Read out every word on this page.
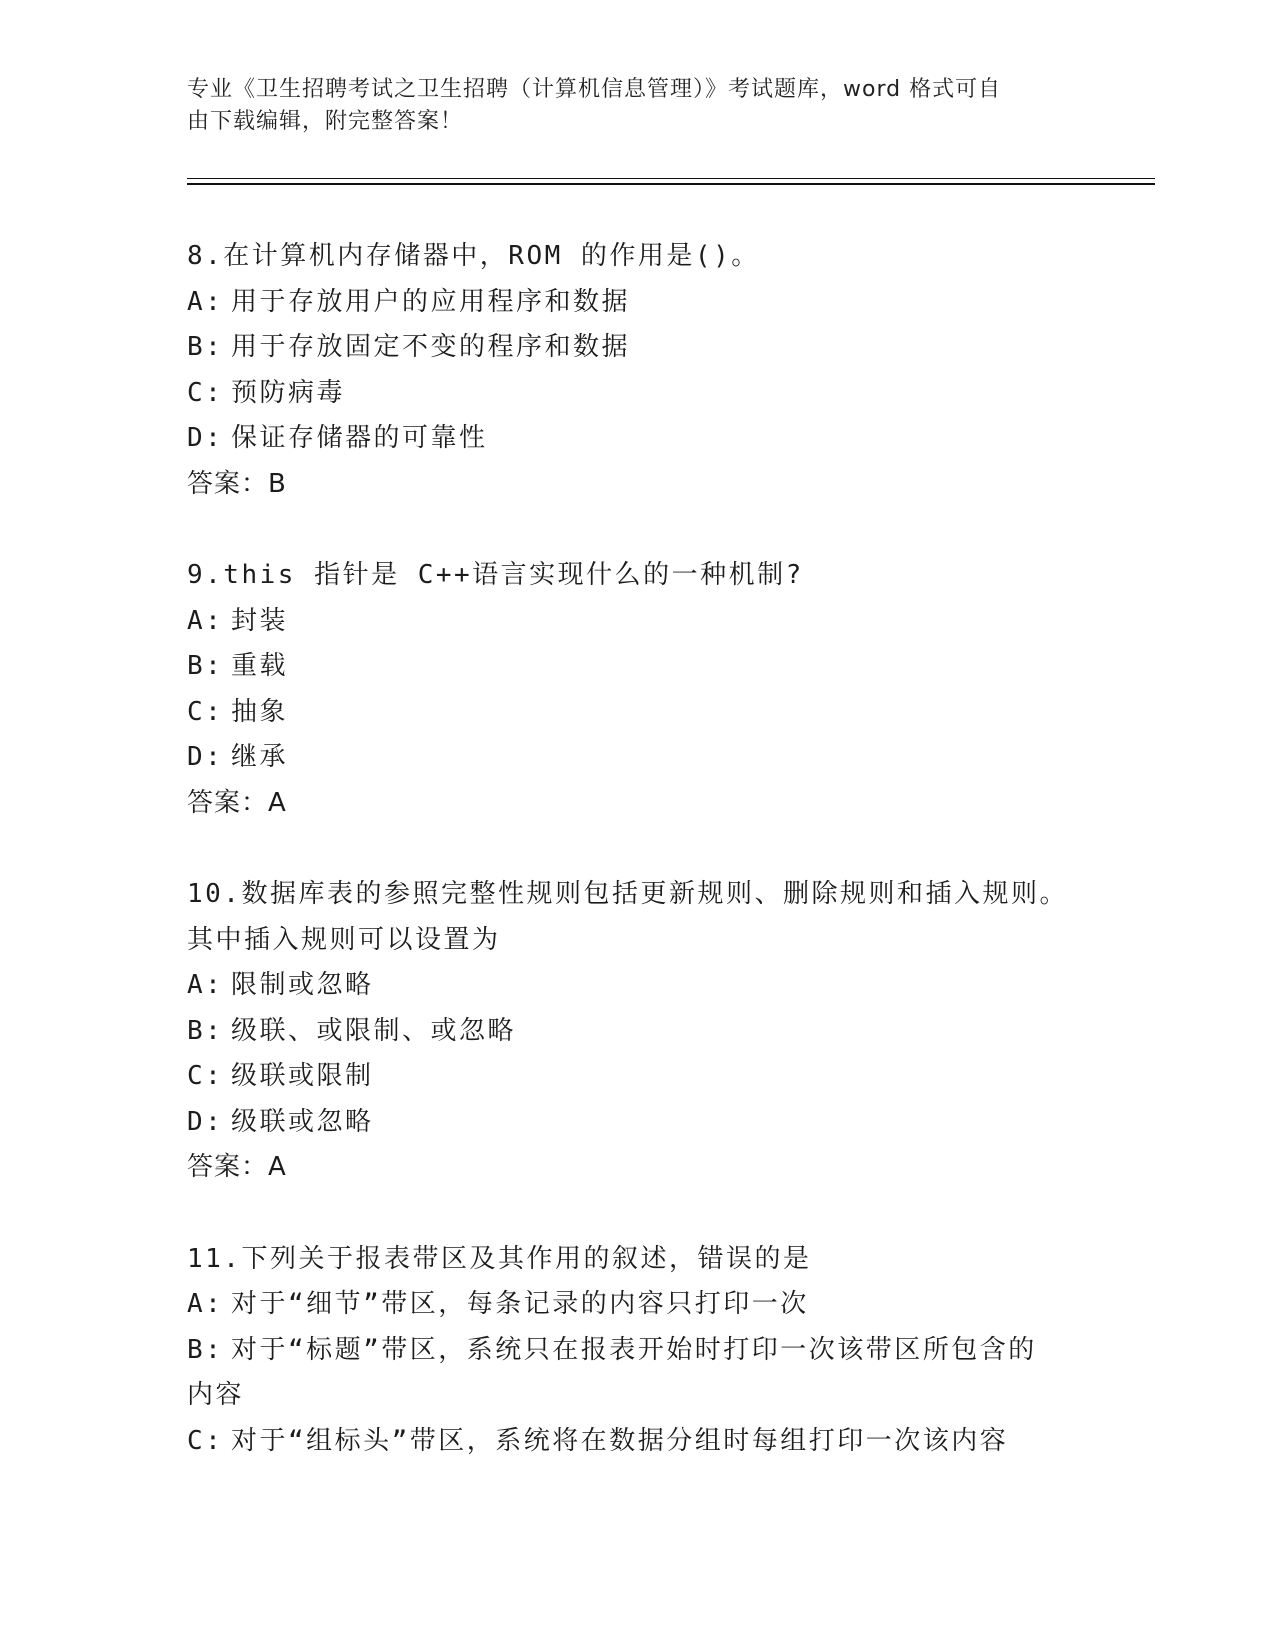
专业《卫生招聘考试之卫生招聘（计算机信息管理）》考试题库，word 格式可自
由下载编辑，附完整答案！

8.在计算机内存储器中，ROM 的作用是()。

A: 用于存放用户的应用程序和数据

B: 用于存放固定不变的程序和数据

C: 预防病毒

D: 保证存储器的可靠性

答案：B

9.this 指针是 C++语言实现什么的一种机制?

A: 封装

B: 重载

C: 抽象

D: 继承

答案：A

10.数据库表的参照完整性规则包括更新规则、删除规则和插入规则。

其中插入规则可以设置为

A: 限制或忽略

B: 级联、或限制、或忽略

C: 级联或限制

D: 级联或忽略

答案：A

11.下列关于报表带区及其作用的叙述，错误的是

A: 对于“细节”带区，每条记录的内容只打印一次

B: 对于“标题”带区，系统只在报表开始时打印一次该带区所包含的

内容

C: 对于“组标头”带区，系统将在数据分组时每组打印一次该内容
